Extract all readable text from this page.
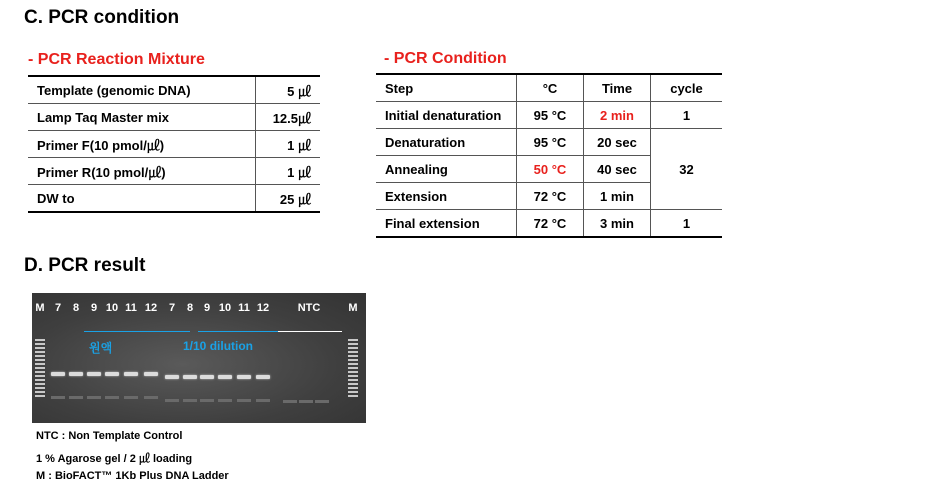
C. PCR condition
- PCR Reaction Mixture
Template (genomic DNA)	5 ㎕
Lamp Taq Master mix	12.5㎕
Primer F(10 pmol/㎕)	1 ㎕
Primer R(10 pmol/㎕)	1 ㎕
DW to	25 ㎕
- PCR Condition
Step	°C	Time	cycle
Initial denaturation	95 °C	2 min	1
Denaturation	95 °C	20 sec	32
Annealing	50 °C	40 sec	
Extension	72 °C	1 min	
Final extension	72 °C	3 min	1
D. PCR result
M 7 8 9 10 11 12 7 8 9 10 11 12	NTC	M
원액	1/10 dilution
NTC : Non Template Control
1 % Agarose gel / 2 ㎕ loading
M : BioFACT™ 1Kb Plus DNA Ladder
